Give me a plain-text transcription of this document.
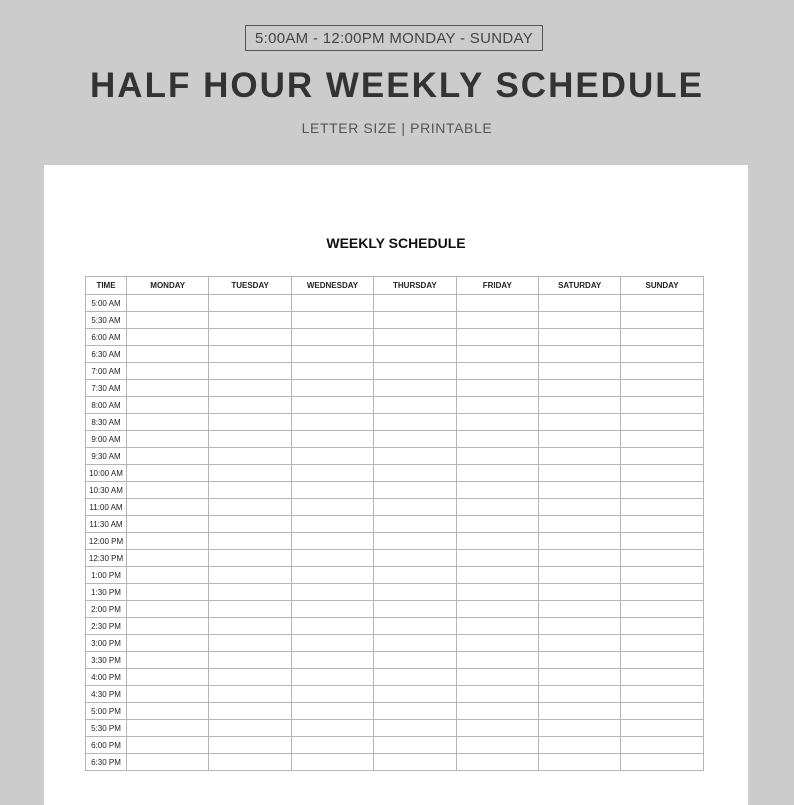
5:00AM - 12:00PM MONDAY - SUNDAY
HALF HOUR WEEKLY SCHEDULE
LETTER SIZE | PRINTABLE
WEEKLY SCHEDULE
TIME	MONDAY	TUESDAY	WEDNESDAY	THURSDAY	FRIDAY	SATURDAY	SUNDAY
5:00 AM							
5:30 AM							
6:00 AM							
6:30 AM							
7:00 AM							
7:30 AM							
8:00 AM							
8:30 AM							
9:00 AM							
9:30 AM							
10:00 AM							
10:30 AM							
11:00 AM							
11:30 AM							
12:00 PM							
12:30 PM							
1:00 PM							
1:30 PM							
2:00 PM							
2:30 PM							
3:00 PM							
3:30 PM							
4:00 PM							
4:30 PM							
5:00 PM							
5:30 PM							
6:00 PM							
6:30 PM							
